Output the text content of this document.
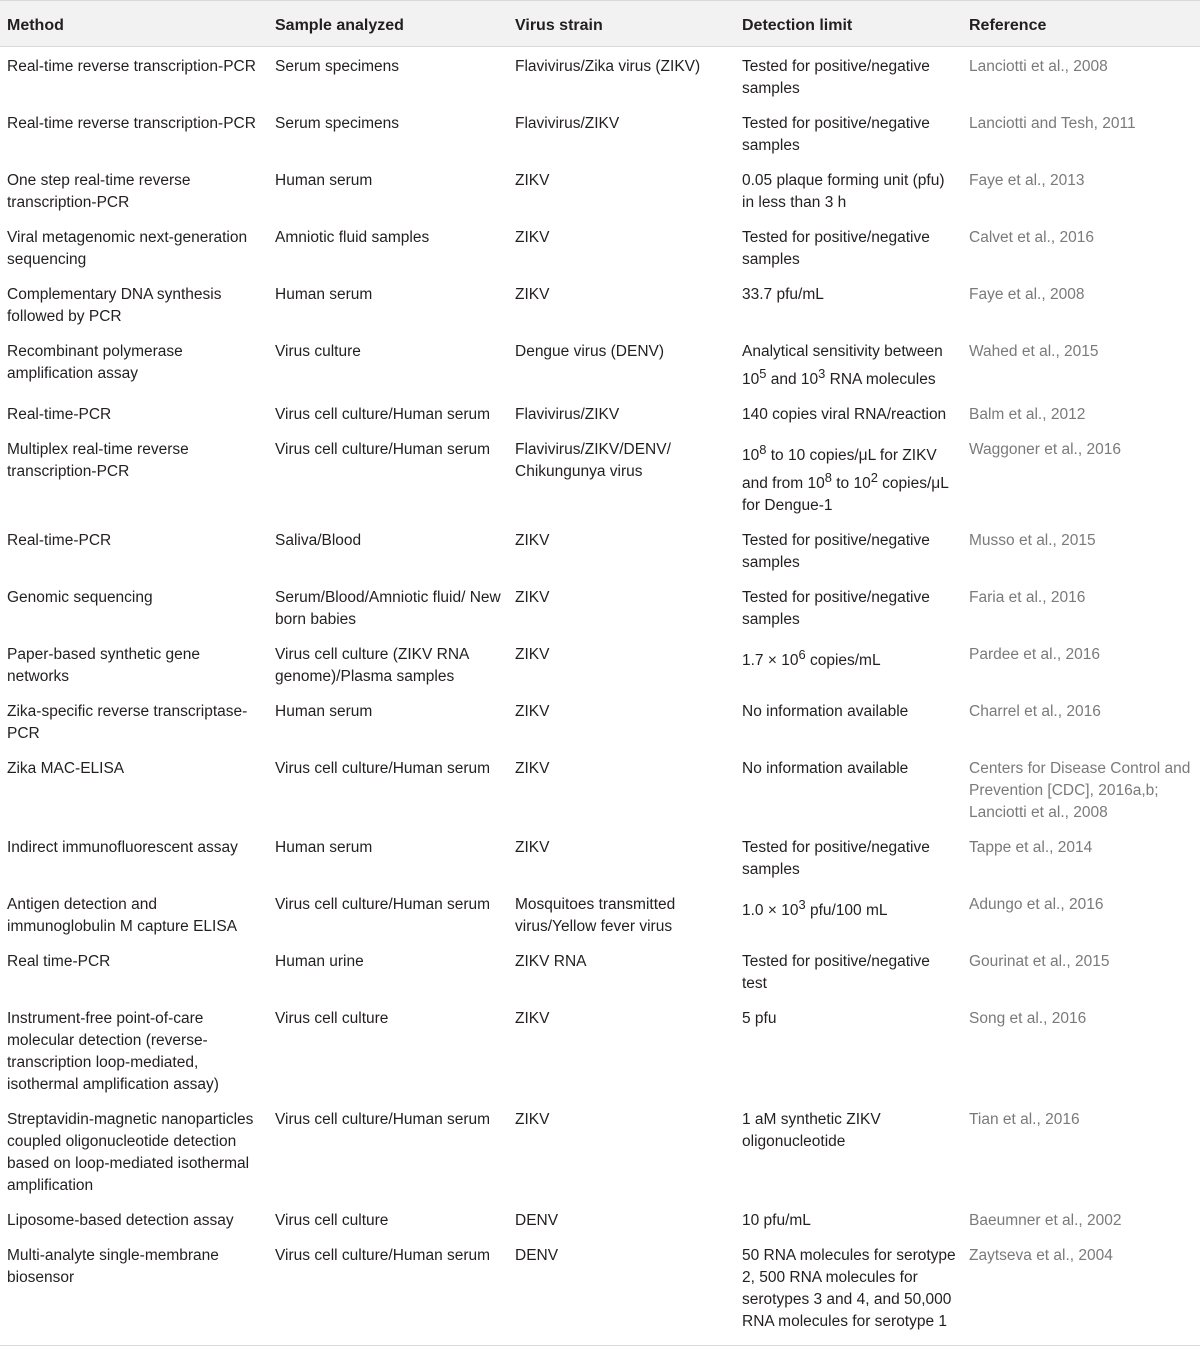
Method	Sample analyzed	Virus strain	Detection limit	Reference
Real-time reverse transcription-PCR	Serum specimens	Flavivirus/Zika virus (ZIKV)	Tested for positive/negative samples	Lanciotti et al., 2008
Real-time reverse transcription-PCR	Serum specimens	Flavivirus/ZIKV	Tested for positive/negative samples	Lanciotti and Tesh, 2011
One step real-time reverse transcription-PCR	Human serum	ZIKV	0.05 plaque forming unit (pfu) in less than 3 h	Faye et al., 2013
Viral metagenomic next-generation sequencing	Amniotic fluid samples	ZIKV	Tested for positive/negative samples	Calvet et al., 2016
Complementary DNA synthesis followed by PCR	Human serum	ZIKV	33.7 pfu/mL	Faye et al., 2008
Recombinant polymerase amplification assay	Virus culture	Dengue virus (DENV)	Analytical sensitivity between $10^5$ and $10^3$ RNA molecules	Wahed et al., 2015
Real-time-PCR	Virus cell culture/Human serum	Flavivirus/ZIKV	140 copies viral RNA/reaction	Balm et al., 2012
Multiplex real-time reverse transcription-PCR	Virus cell culture/Human serum	Flavivirus/ZIKV/DENV/ Chikungunya virus	$10^8$ to 10 copies/μL for ZIKV and from $10^8$ to $10^2$ copies/μL for Dengue-1	Waggoner et al., 2016
Real-time-PCR	Saliva/Blood	ZIKV	Tested for positive/negative samples	Musso et al., 2015
Genomic sequencing	Serum/Blood/Amniotic fluid/ New born babies	ZIKV	Tested for positive/negative samples	Faria et al., 2016
Paper-based synthetic gene networks	Virus cell culture (ZIKV RNA genome)/Plasma samples	ZIKV	$1.7 \times 10^6$ copies/mL	Pardee et al., 2016
Zika-specific reverse transcriptase-PCR	Human serum	ZIKV	No information available	Charrel et al., 2016
Zika MAC-ELISA	Virus cell culture/Human serum	ZIKV	No information available	Centers for Disease Control and Prevention [CDC], 2016a,b; Lanciotti et al., 2008
Indirect immunofluorescent assay	Human serum	ZIKV	Tested for positive/negative samples	Tappe et al., 2014
Antigen detection and immunoglobulin M capture ELISA	Virus cell culture/Human serum	Mosquitoes transmitted virus/Yellow fever virus	$1.0 \times 10^3$ pfu/100 mL	Adungo et al., 2016
Real time-PCR	Human urine	ZIKV RNA	Tested for positive/negative test	Gourinat et al., 2015
Instrument-free point-of-care molecular detection (reverse-transcription loop-mediated, isothermal amplification assay)	Virus cell culture	ZIKV	5 pfu	Song et al., 2016
Streptavidin-magnetic nanoparticles coupled oligonucleotide detection based on loop-mediated isothermal amplification	Virus cell culture/Human serum	ZIKV	1 aM synthetic ZIKV oligonucleotide	Tian et al., 2016
Liposome-based detection assay	Virus cell culture	DENV	10 pfu/mL	Baeumner et al., 2002
Multi-analyte single-membrane biosensor	Virus cell culture/Human serum	DENV	50 RNA molecules for serotype 2, 500 RNA molecules for serotypes 3 and 4, and 50,000 RNA molecules for serotype 1	Zaytseva et al., 2004
